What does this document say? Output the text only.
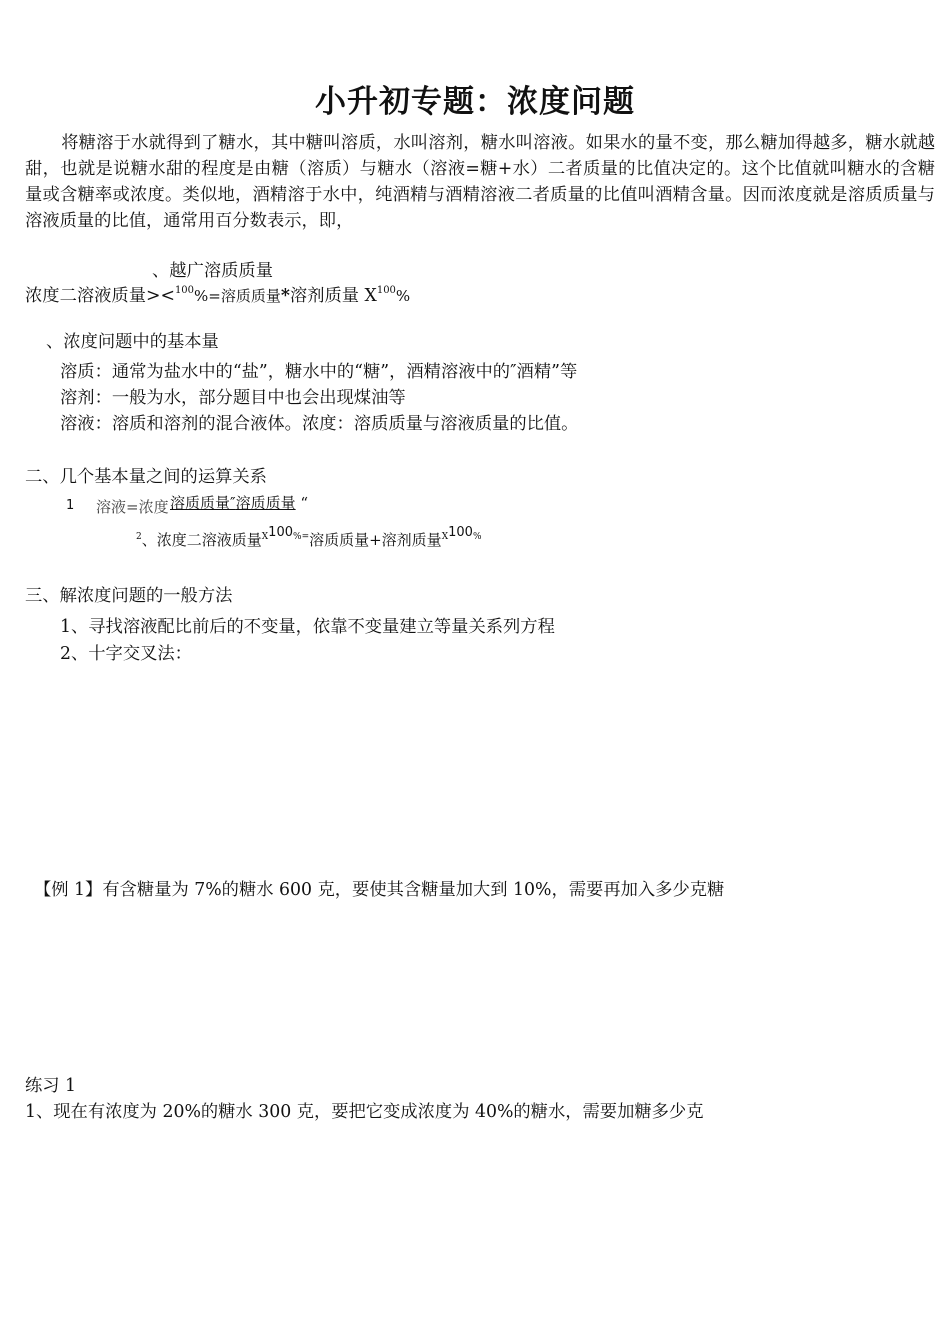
小升初专题：浓度问题
将糖溶于水就得到了糖水，其中糖叫溶质，水叫溶剂，糖水叫溶液。如果水的量不变，那么糖加得越多，糖水就越甜，也就是说糖水甜的程度是由糖（溶质）与糖水（溶液=糖+水）二者质量的比值决定的。这个比值就叫糖水的含糖量或含糖率或浓度。类似地，酒精溶于水中，纯酒精与酒精溶液二者质量的比值叫酒精含量。因而浓度就是溶质质量与溶液质量的比值，通常用百分数表示，即，
、越广溶质质量
浓度二溶液质量><$^{100}$%=溶质质量*溶剂质量 $X^{100}\%$
、浓度问题中的基本量
溶质：通常为盐水中的“盐”，糖水中的“糖”，酒精溶液中的″酒精”等
溶剂：一般为水，部分题目中也会出现煤油等
溶液：溶质和溶剂的混合液体。浓度：溶质质量与溶液质量的比值。
二、几个基本量之间的运算关系
1 溶液=浓度 溶质质量″溶质质量 “
$^2$、浓度二溶液质量$^X$100%=溶质质量+溶剂质量$^X$100%
三、解浓度问题的一般方法
1、寻找溶液配比前后的不变量，依靠不变量建立等量关系列方程
2、十字交叉法：
【例 1】有含糖量为 7%的糖水 600 克，要使其含糖量加大到 10%，需要再加入多少克糖
练习 1
1、现在有浓度为 20%的糖水 300 克，要把它变成浓度为 40%的糖水，需要加糖多少克
